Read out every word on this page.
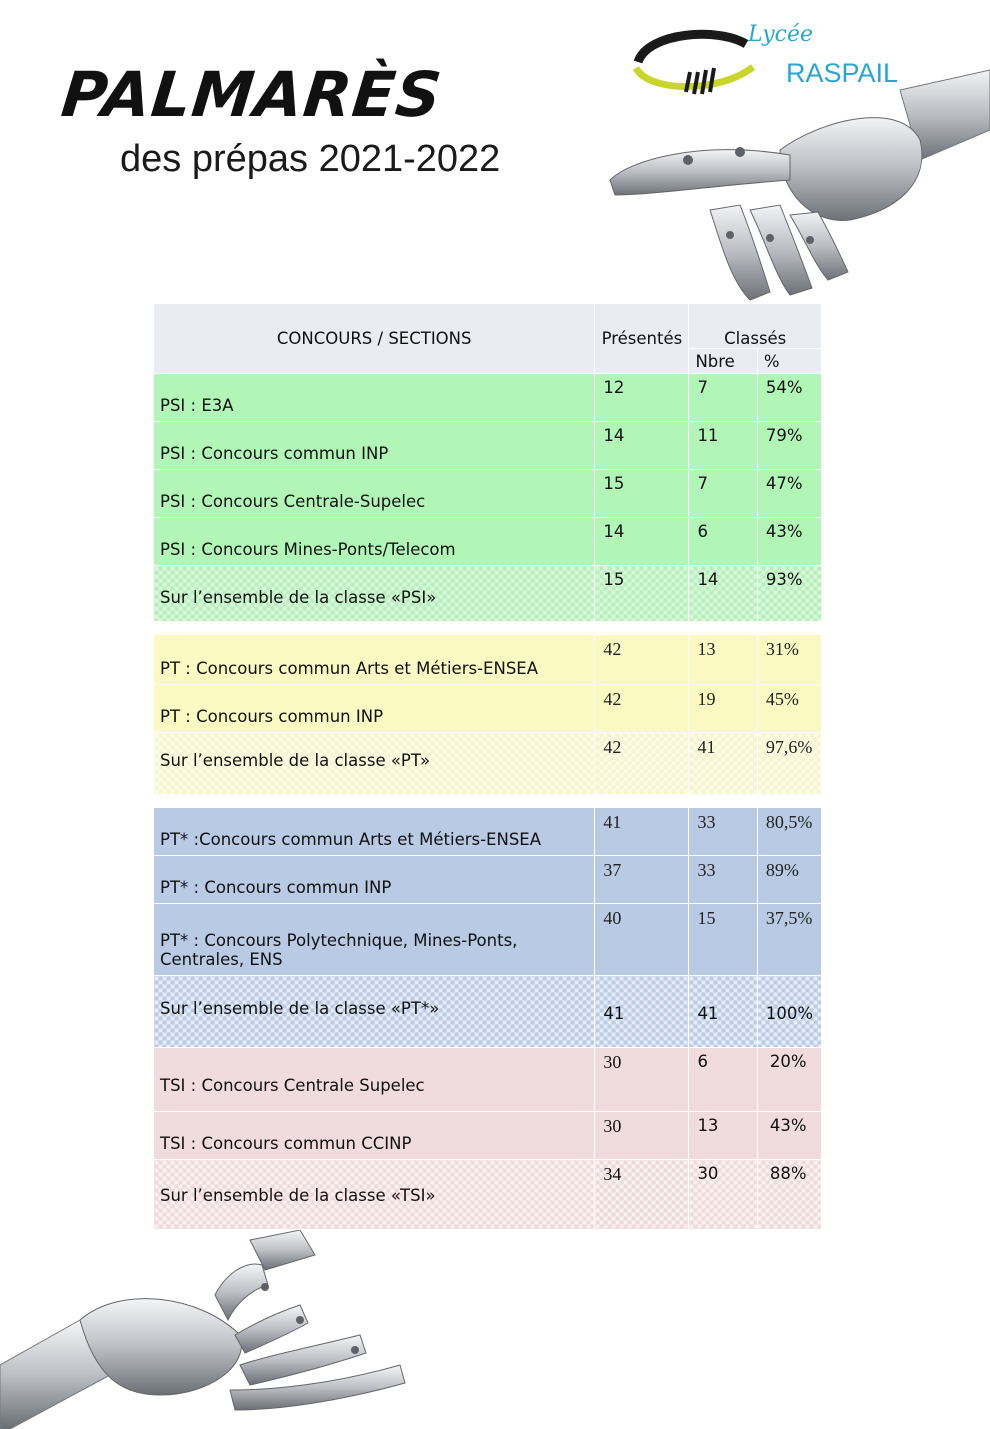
PALMARÈS
des prépas 2021-2022
Lycée
RASPAIL
CONCOURS / SECTIONS	Présentés	Classés	
		Nbre	%
PSI : E3A	12	7	54%
PSI : Concours commun INP	14	11	79%
PSI : Concours Centrale-Supelec	15	7	47%
PSI : Concours Mines-Ponts/Telecom	14	6	43%
Sur l’ensemble de la classe «PSI»	15	14	93%

PT : Concours commun Arts et Métiers-ENSEA	42	13	31%
PT : Concours commun INP	42	19	45%
Sur l’ensemble de la classe «PT»	42	41	97,6%

PT* :Concours commun Arts et Métiers-ENSEA	41	33	80,5%
PT* : Concours commun INP	37	33	89%
PT* : Concours Polytechnique, Mines-Ponts, Centrales, ENS	40	15	37,5%
Sur l’ensemble de la classe «PT*»	41	41	100%
TSI : Concours Centrale Supelec	30	6	20%
TSI : Concours commun CCINP	30	13	43%
Sur l’ensemble de la classe «TSI»	34	30	88%
